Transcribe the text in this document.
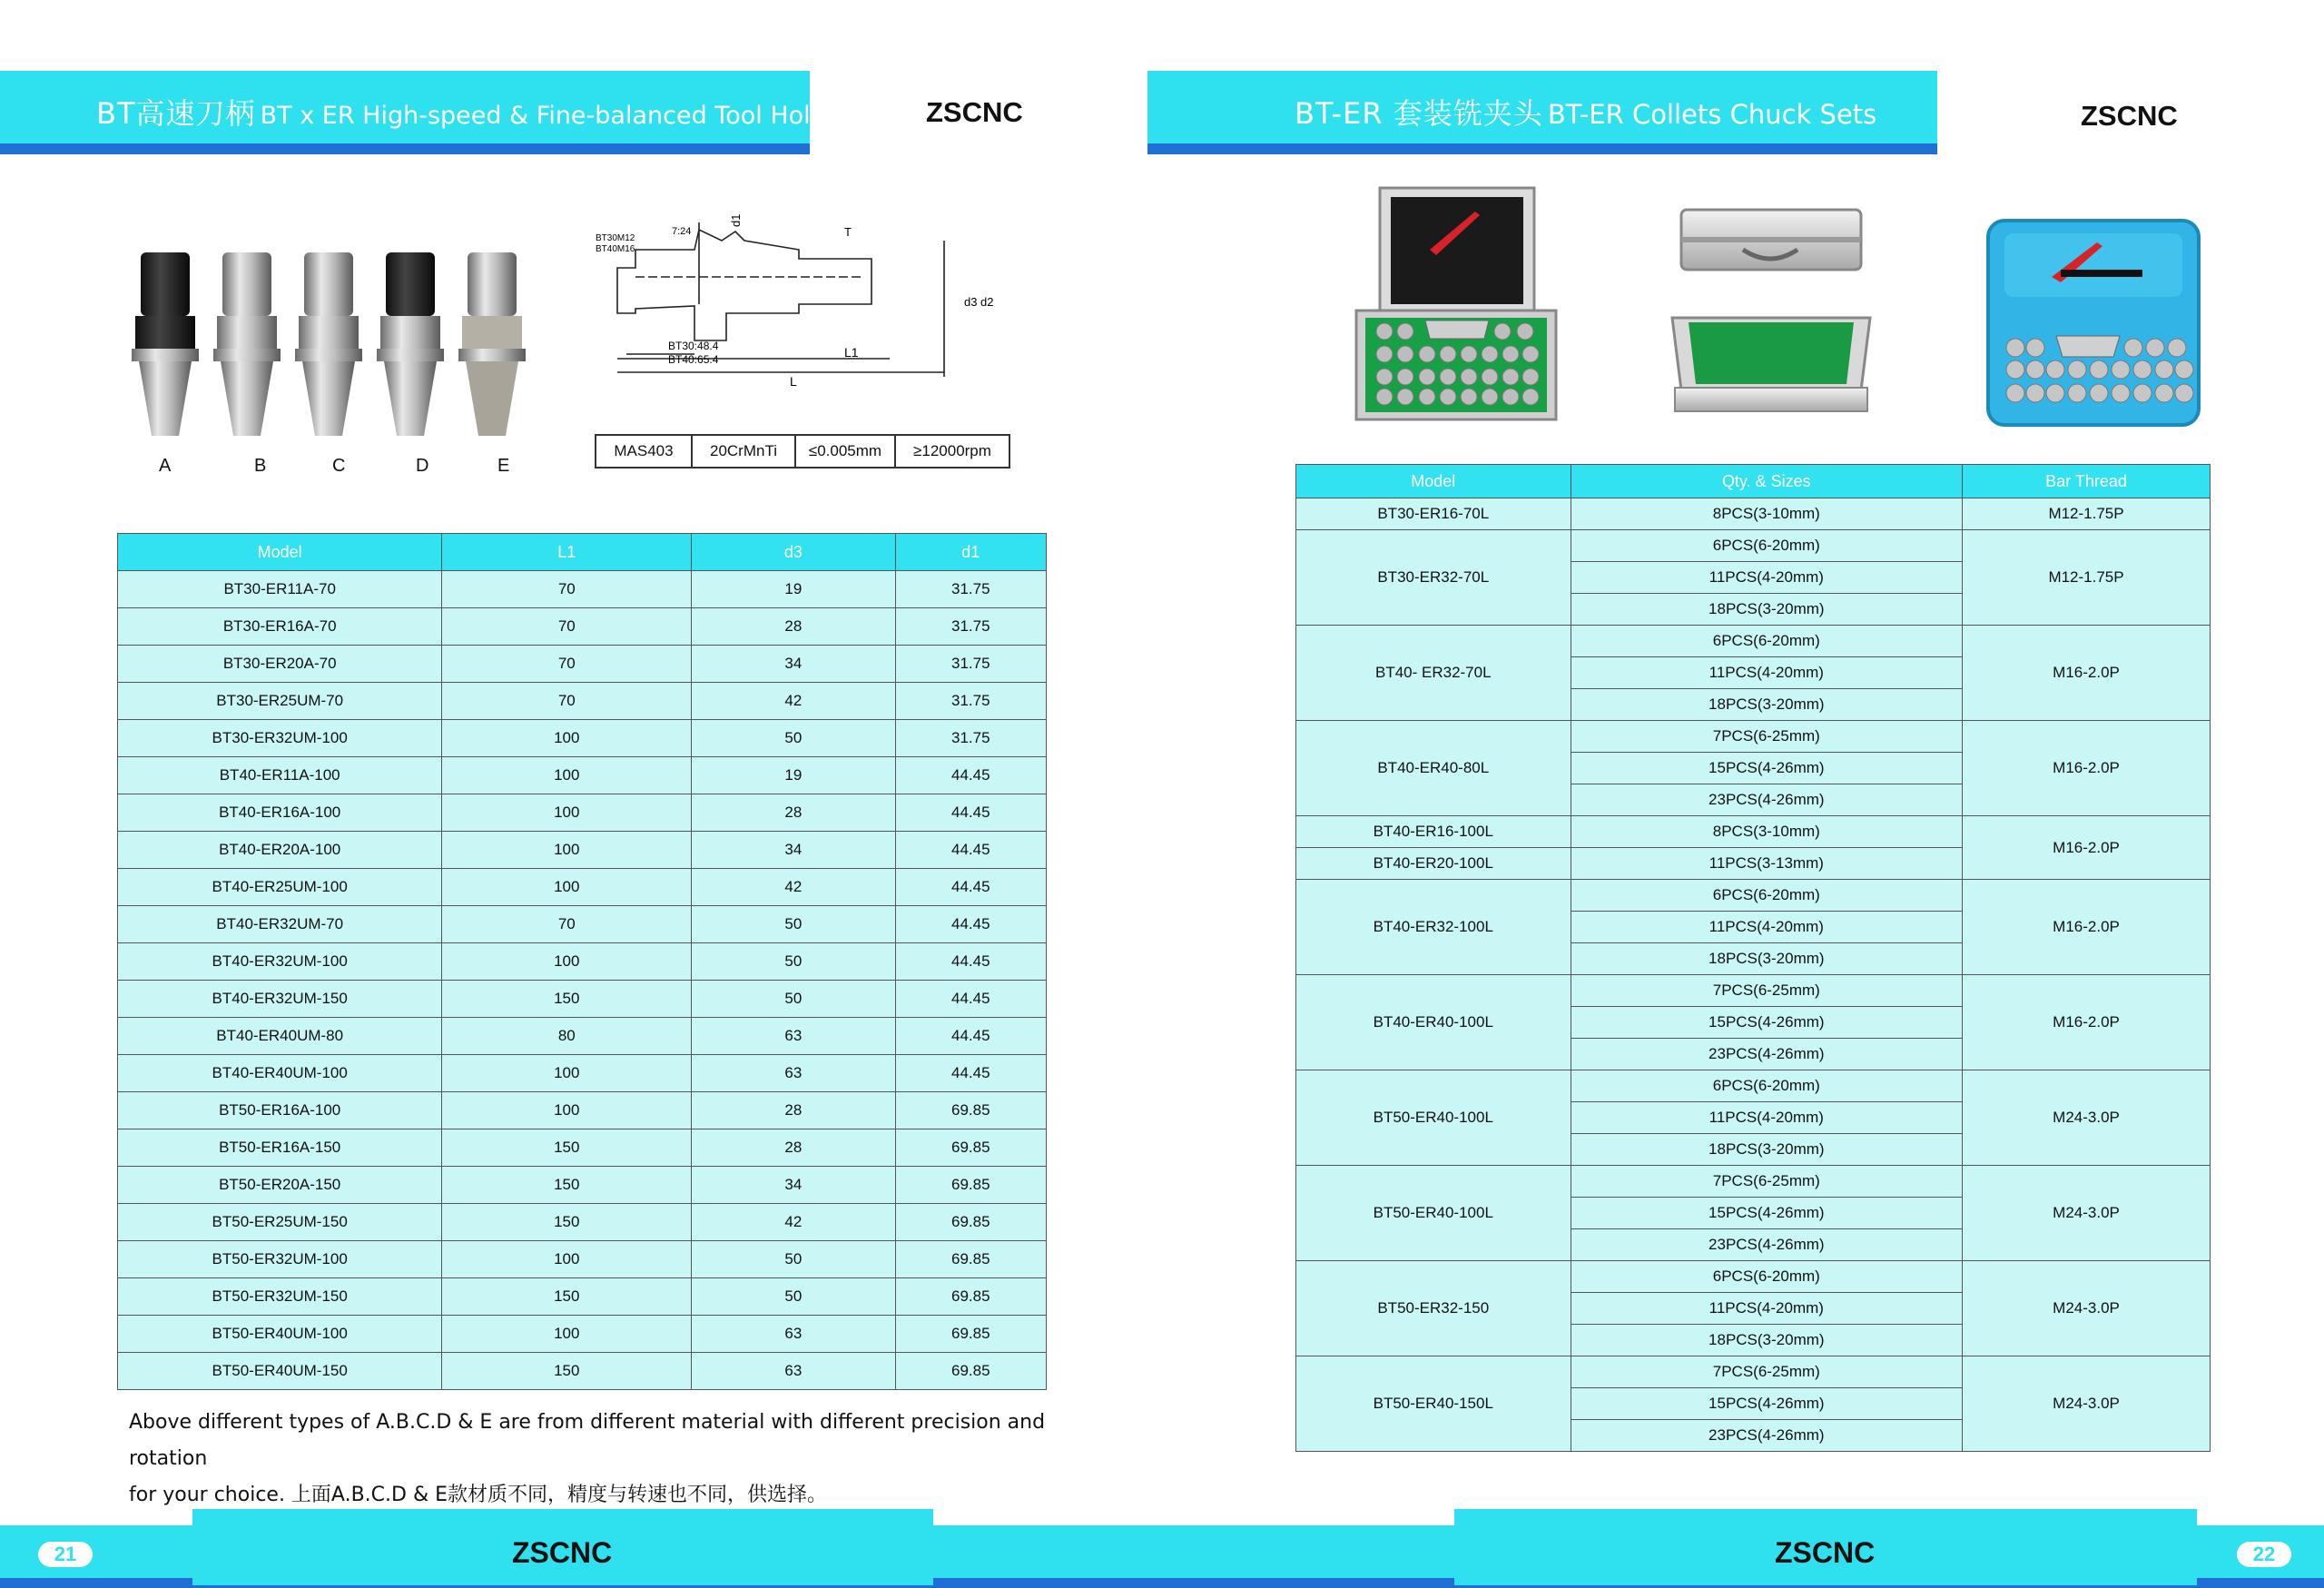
BT高速刀柄 BT x ER High-speed & Fine-balanced Tool Holders ZSCNC
A	B	C	D	E
BT30M12
BT40M16
7:24
d1
T
d2
d3
BT30:48.4
BT40:65.4	L1
L
MAS403	20CrMnTi	≤0.005mm	≥12000rpm
Model	L1	d3	d1
BT30-ER11A-70	70	19	31.75
BT30-ER16A-70	70	28	31.75
BT30-ER20A-70	70	34	31.75
BT30-ER25UM-70	70	42	31.75
BT30-ER32UM-100	100	50	31.75
BT40-ER11A-100	100	19	44.45
BT40-ER16A-100	100	28	44.45
BT40-ER20A-100	100	34	44.45
BT40-ER25UM-100	100	42	44.45
BT40-ER32UM-70	70	50	44.45
BT40-ER32UM-100	100	50	44.45
BT40-ER32UM-150	150	50	44.45
BT40-ER40UM-80	80	63	44.45
BT40-ER40UM-100	100	63	44.45
BT50-ER16A-100	100	28	69.85
BT50-ER16A-150	150	28	69.85
BT50-ER20A-150	150	34	69.85
BT50-ER25UM-150	150	42	69.85
BT50-ER32UM-100	100	50	69.85
BT50-ER32UM-150	150	50	69.85
BT50-ER40UM-100	100	63	69.85
BT50-ER40UM-150	150	63	69.85
Above different types of A.B.C.D & E are from different material with different precision and rotation
for your choice. 上面A.B.C.D & E款材质不同，精度与转速也不同，供选择。
BT-ER 套装铣夹头 BT-ER Collets Chuck Sets	ZSCNC
Model	Qty. & Sizes	Bar Thread
BT30-ER16-70L	8PCS(3-10mm)	M12-1.75P
BT30-ER32-70L	6PCS(6-20mm)	M12-1.75P
	11PCS(4-20mm)	
	18PCS(3-20mm)	
BT40- ER32-70L	6PCS(6-20mm)	M16-2.0P
	11PCS(4-20mm)	
	18PCS(3-20mm)	
BT40-ER40-80L	7PCS(6-25mm)	M16-2.0P
	15PCS(4-26mm)	
	23PCS(4-26mm)	
BT40-ER16-100L	8PCS(3-10mm)	M16-2.0P
BT40-ER20-100L	11PCS(3-13mm)	
BT40-ER32-100L	6PCS(6-20mm)	M16-2.0P
	11PCS(4-20mm)	
	18PCS(3-20mm)	
BT40-ER40-100L	7PCS(6-25mm)	M16-2.0P
	15PCS(4-26mm)	
	23PCS(4-26mm)	
BT50-ER40-100L	6PCS(6-20mm)	M24-3.0P
	11PCS(4-20mm)	
	18PCS(3-20mm)	
BT50-ER40-100L	7PCS(6-25mm)	M24-3.0P
	15PCS(4-26mm)	
	23PCS(4-26mm)	
BT50-ER32-150	6PCS(6-20mm)	M24-3.0P
	11PCS(4-20mm)	
	18PCS(3-20mm)	
BT50-ER40-150L	7PCS(6-25mm)	M24-3.0P
	15PCS(4-26mm)	
	23PCS(4-26mm)	
21	ZSCNC	ZSCNC	22
